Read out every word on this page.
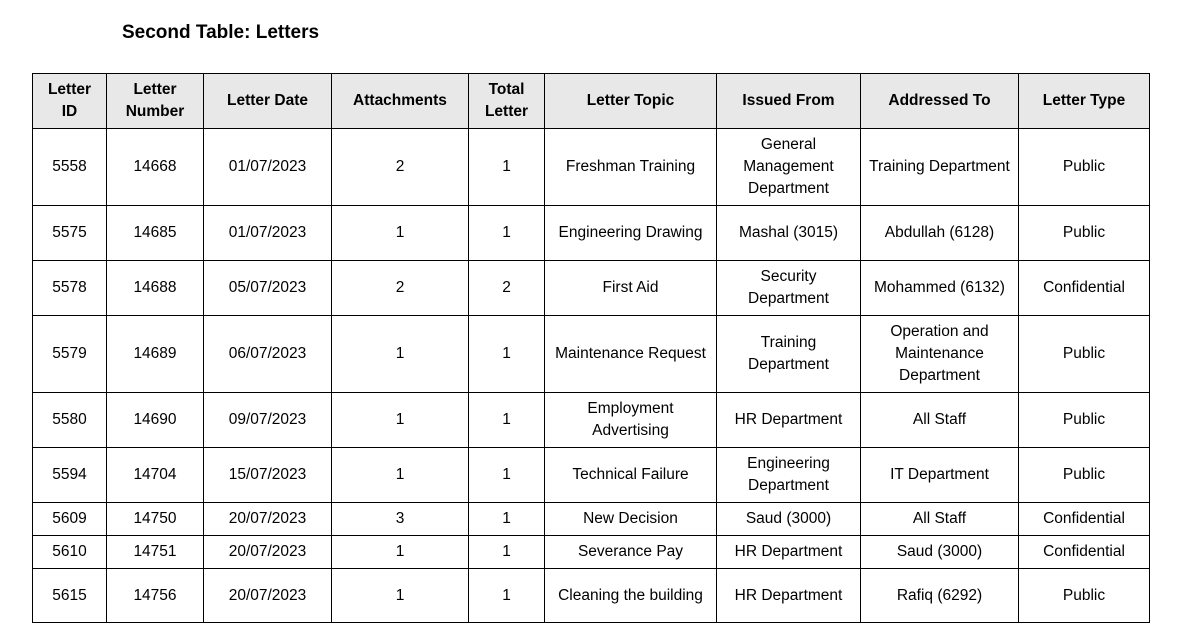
Second Table: Letters
Letter ID	Letter Number	Letter Date	Attachments	Total Letter	Letter Topic	Issued From	Addressed To	Letter Type
5558	14668	01/07/2023	2	1	Freshman Training	General Management Department	Training Department	Public
5575	14685	01/07/2023	1	1	Engineering Drawing	Mashal (3015)	Abdullah (6128)	Public
5578	14688	05/07/2023	2	2	First Aid	Security Department	Mohammed (6132)	Confidential
5579	14689	06/07/2023	1	1	Maintenance Request	Training Department	Operation and Maintenance Department	Public
5580	14690	09/07/2023	1	1	Employment Advertising	HR Department	All Staff	Public
5594	14704	15/07/2023	1	1	Technical Failure	Engineering Department	IT Department	Public
5609	14750	20/07/2023	3	1	New Decision	Saud (3000)	All Staff	Confidential
5610	14751	20/07/2023	1	1	Severance Pay	HR Department	Saud (3000)	Confidential
5615	14756	20/07/2023	1	1	Cleaning the building	HR Department	Rafiq (6292)	Public
